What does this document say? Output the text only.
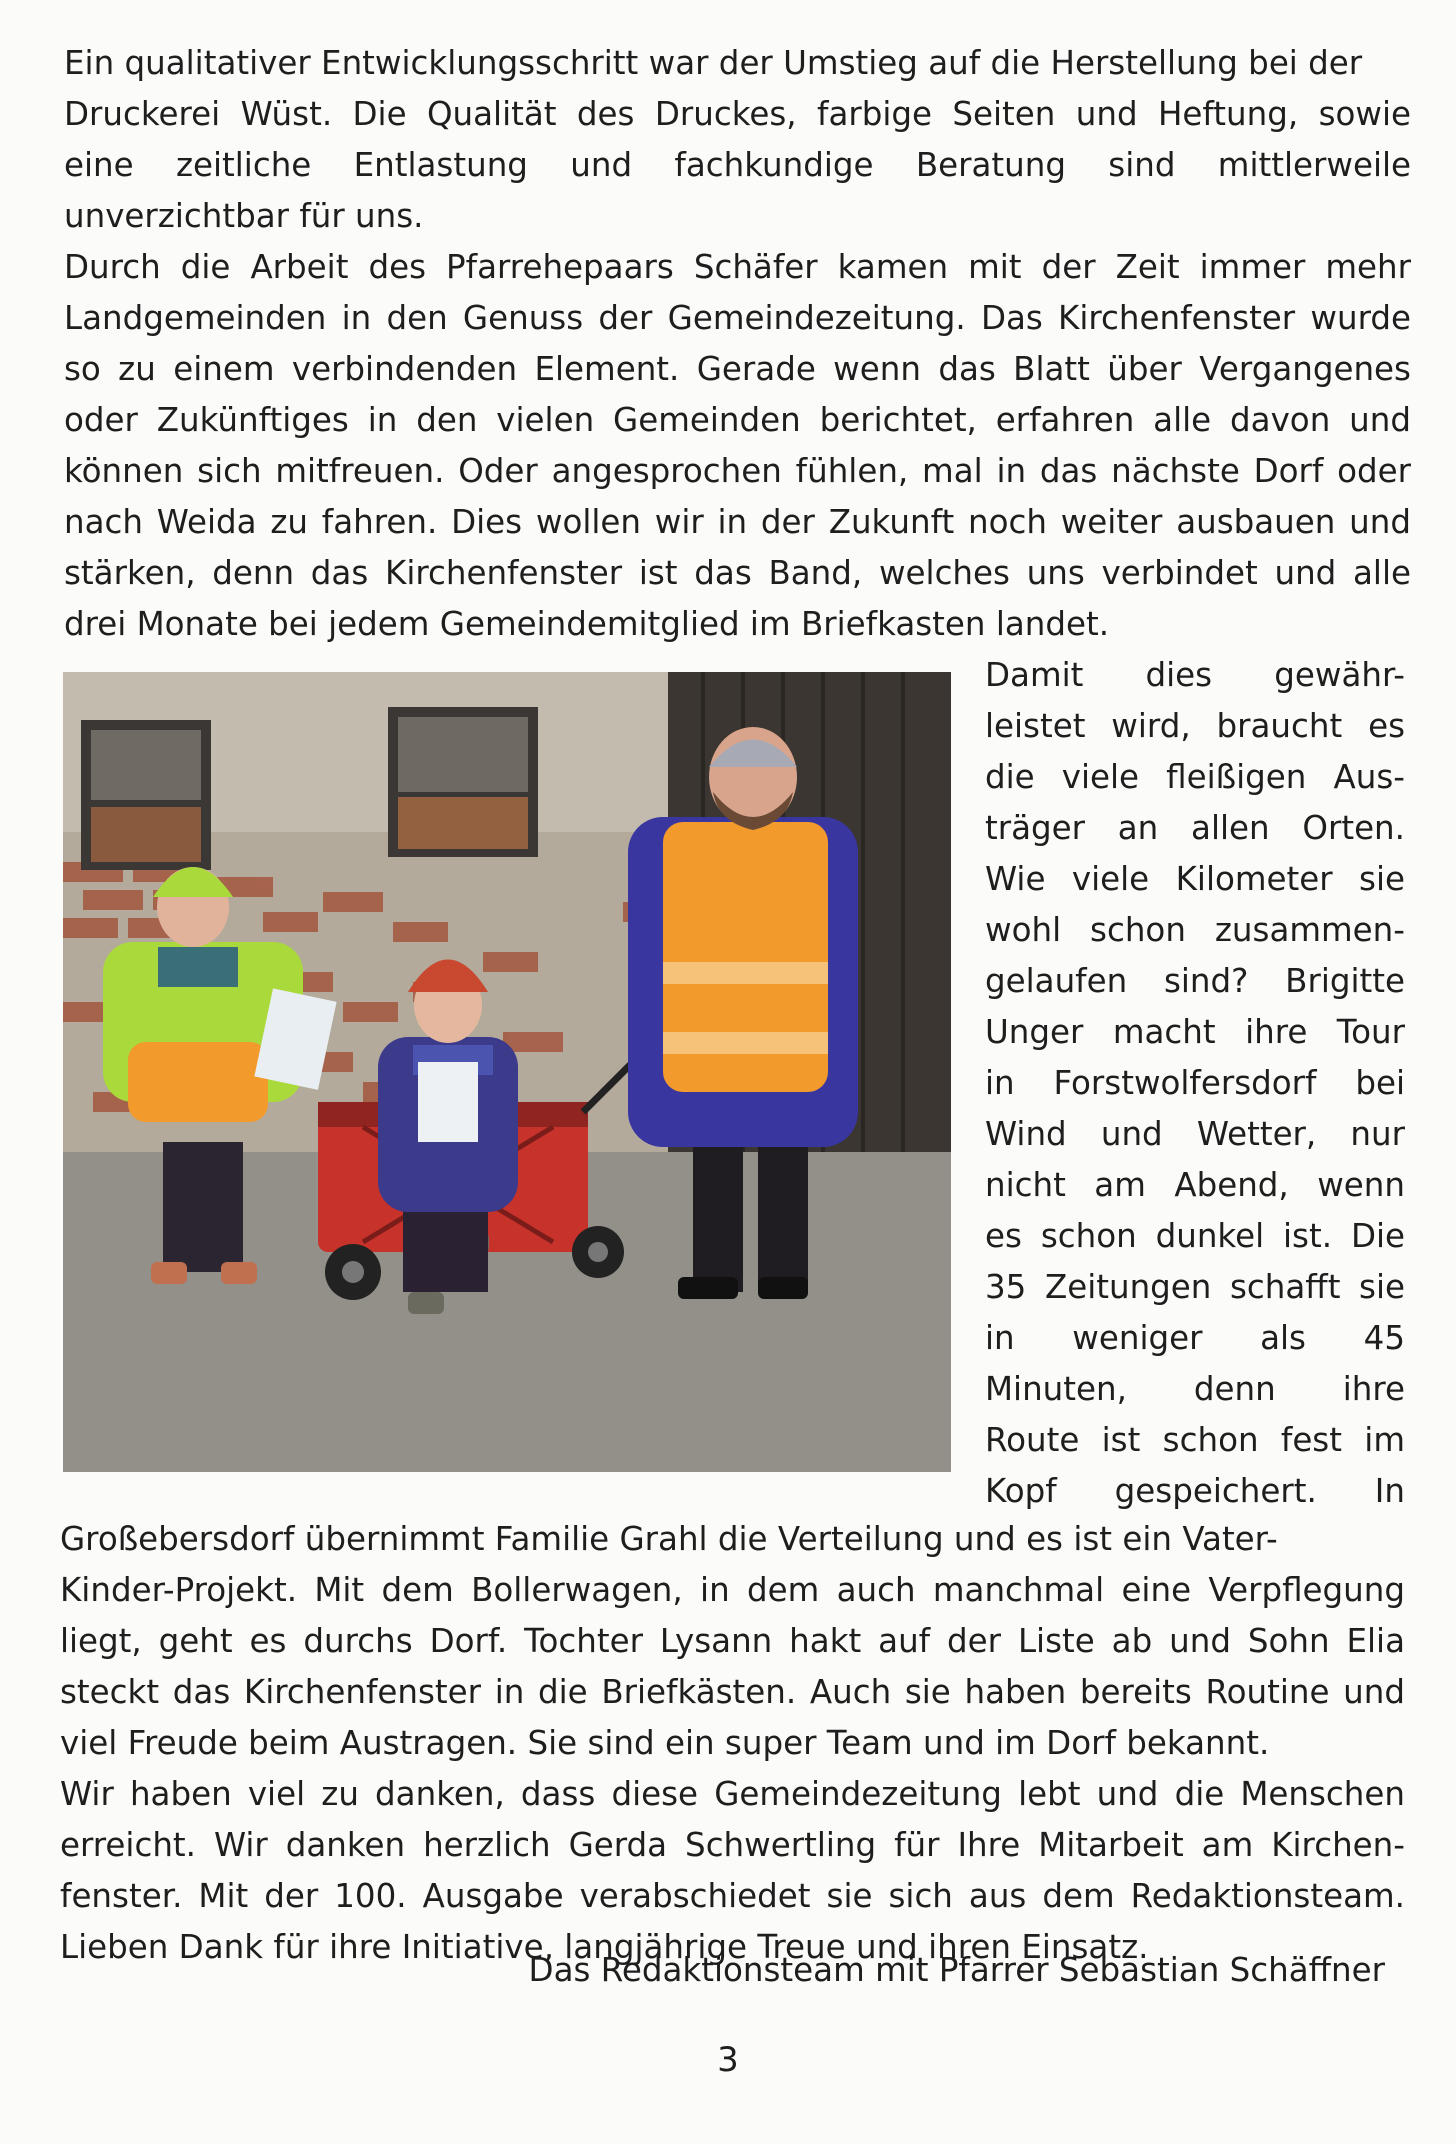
Ein qualitativer Entwicklungsschritt war der Umstieg auf die Herstellung bei der

Druckerei Wüst. Die Qualität des Druckes, farbige Seiten und Heftung, sowie

eine zeitliche Entlastung und fachkundige Beratung sind mittlerweile

unverzichtbar für uns.

Durch die Arbeit des Pfarrehepaars Schäfer kamen mit der Zeit immer mehr

Landgemeinden in den Genuss der Gemeindezeitung. Das Kirchenfenster wurde

so zu einem verbindenden Element. Gerade wenn das Blatt über Vergangenes

oder Zukünftiges in den vielen Gemeinden berichtet, erfahren alle davon und

können sich mitfreuen. Oder angesprochen fühlen, mal in das nächste Dorf oder

nach Weida zu fahren. Dies wollen wir in der Zukunft noch weiter ausbauen und

stärken, denn das Kirchenfenster ist das Band, welches uns verbindet und alle

drei Monate bei jedem Gemeindemitglied im Briefkasten landet.

Damit dies gewähr-

leistet wird, braucht es

die viele fleißigen Aus-

träger an allen Orten.

Wie viele Kilometer sie

wohl schon zusammen-

gelaufen sind? Brigitte

Unger macht ihre Tour

in Forstwolfersdorf bei

Wind und Wetter, nur

nicht am Abend, wenn

es schon dunkel ist. Die

35 Zeitungen schafft sie

in weniger als 45

Minuten, denn ihre

Route ist schon fest im

Kopf gespeichert. In

Großebersdorf übernimmt Familie Grahl die Verteilung und es ist ein Vater-

Kinder-Projekt. Mit dem Bollerwagen, in dem auch manchmal eine Verpflegung

liegt, geht es durchs Dorf. Tochter Lysann hakt auf der Liste ab und Sohn Elia

steckt das Kirchenfenster in die Briefkästen. Auch sie haben bereits Routine und

viel Freude beim Austragen. Sie sind ein super Team und im Dorf bekannt.

Wir haben viel zu danken, dass diese Gemeindezeitung lebt und die Menschen

erreicht. Wir danken herzlich Gerda Schwertling für Ihre Mitarbeit am Kirchen-

fenster. Mit der 100. Ausgabe verabschiedet sie sich aus dem Redaktionsteam.

Lieben Dank für ihre Initiative, langjährige Treue und ihren Einsatz.

Das Redaktionsteam mit Pfarrer Sebastian Schäffner
3
